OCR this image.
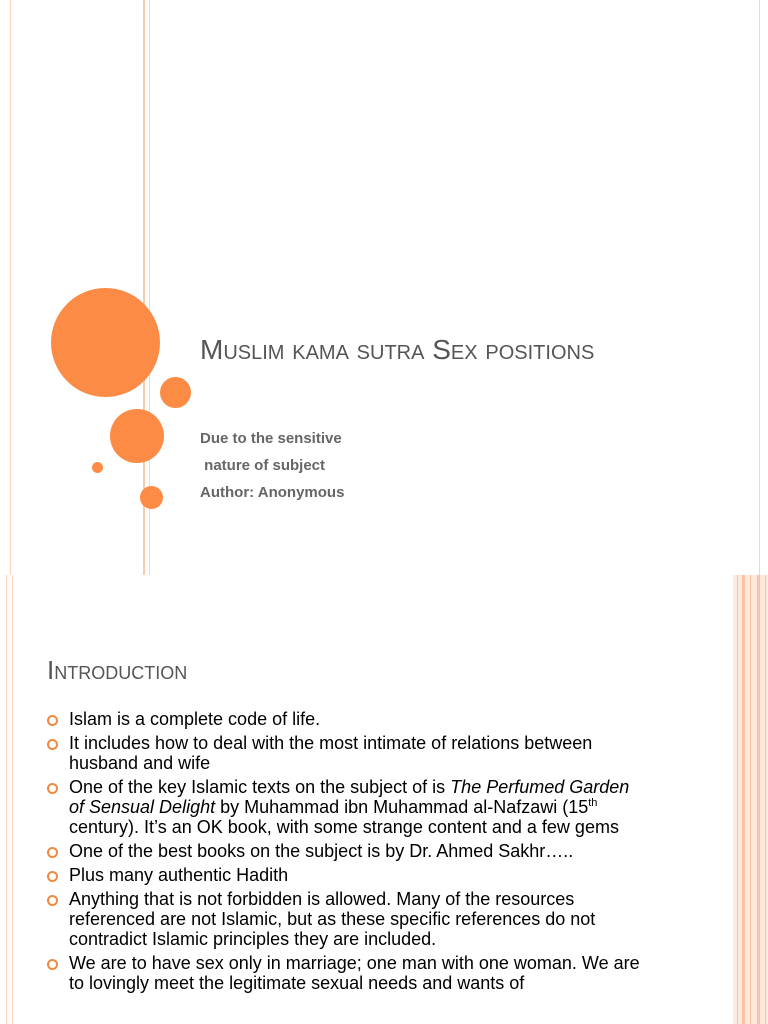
Muslim kama sutra Sex positions
Due to the sensitive
nature of subject
Author: Anonymous
Introduction
Islam is a complete code of life.
It includes how to deal with the most intimate of relations between husband and wife
One of the key Islamic texts on the subject of is The Perfumed Garden of Sensual Delight by Muhammad ibn Muhammad al-Nafzawi (15th century). It’s an OK book, with some strange content and a few gems
One of the best books on the subject is by Dr. Ahmed Sakhr…..
Plus many authentic Hadith
Anything that is not forbidden is allowed. Many of the resources referenced are not Islamic, but as these specific references do not contradict Islamic principles they are included.
We are to have sex only in marriage; one man with one woman. We are to lovingly meet the legitimate sexual needs and wants of
